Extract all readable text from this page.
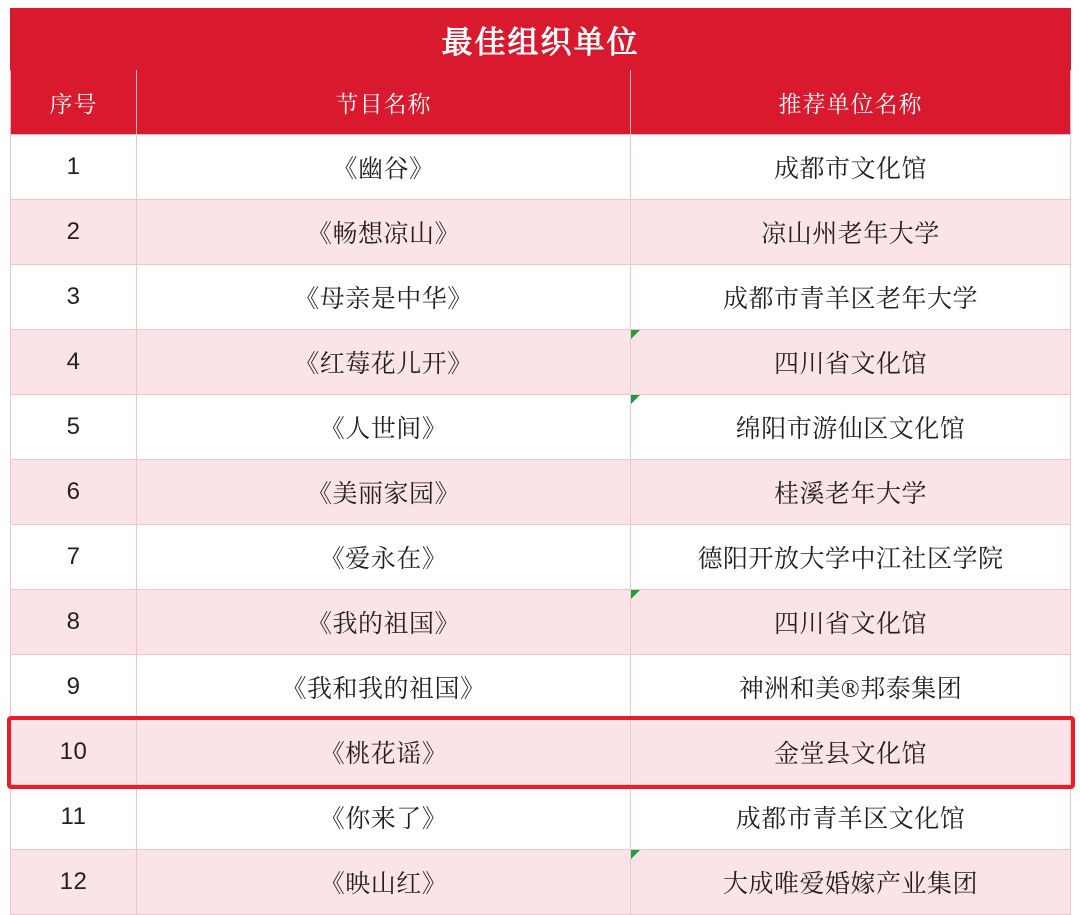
最佳组织单位		
序号	节目名称	推荐单位名称
1	《幽谷》	成都市文化馆
2	《畅想凉山》	凉山州老年大学
3	《母亲是中华》	成都市青羊区老年大学
4	《红莓花儿开》	四川省文化馆

5	《人世间》	绵阳市游仙区文化馆

6	《美丽家园》	桂溪老年大学
7	《爱永在》	德阳开放大学中江社区学院
8	《我的祖国》	四川省文化馆

9	《我和我的祖国》	神洲和美®邦泰集团
10	《桃花谣》	金堂县文化馆
11	《你来了》	成都市青羊区文化馆
12	《映山红》	大成唯爱婚嫁产业集团
